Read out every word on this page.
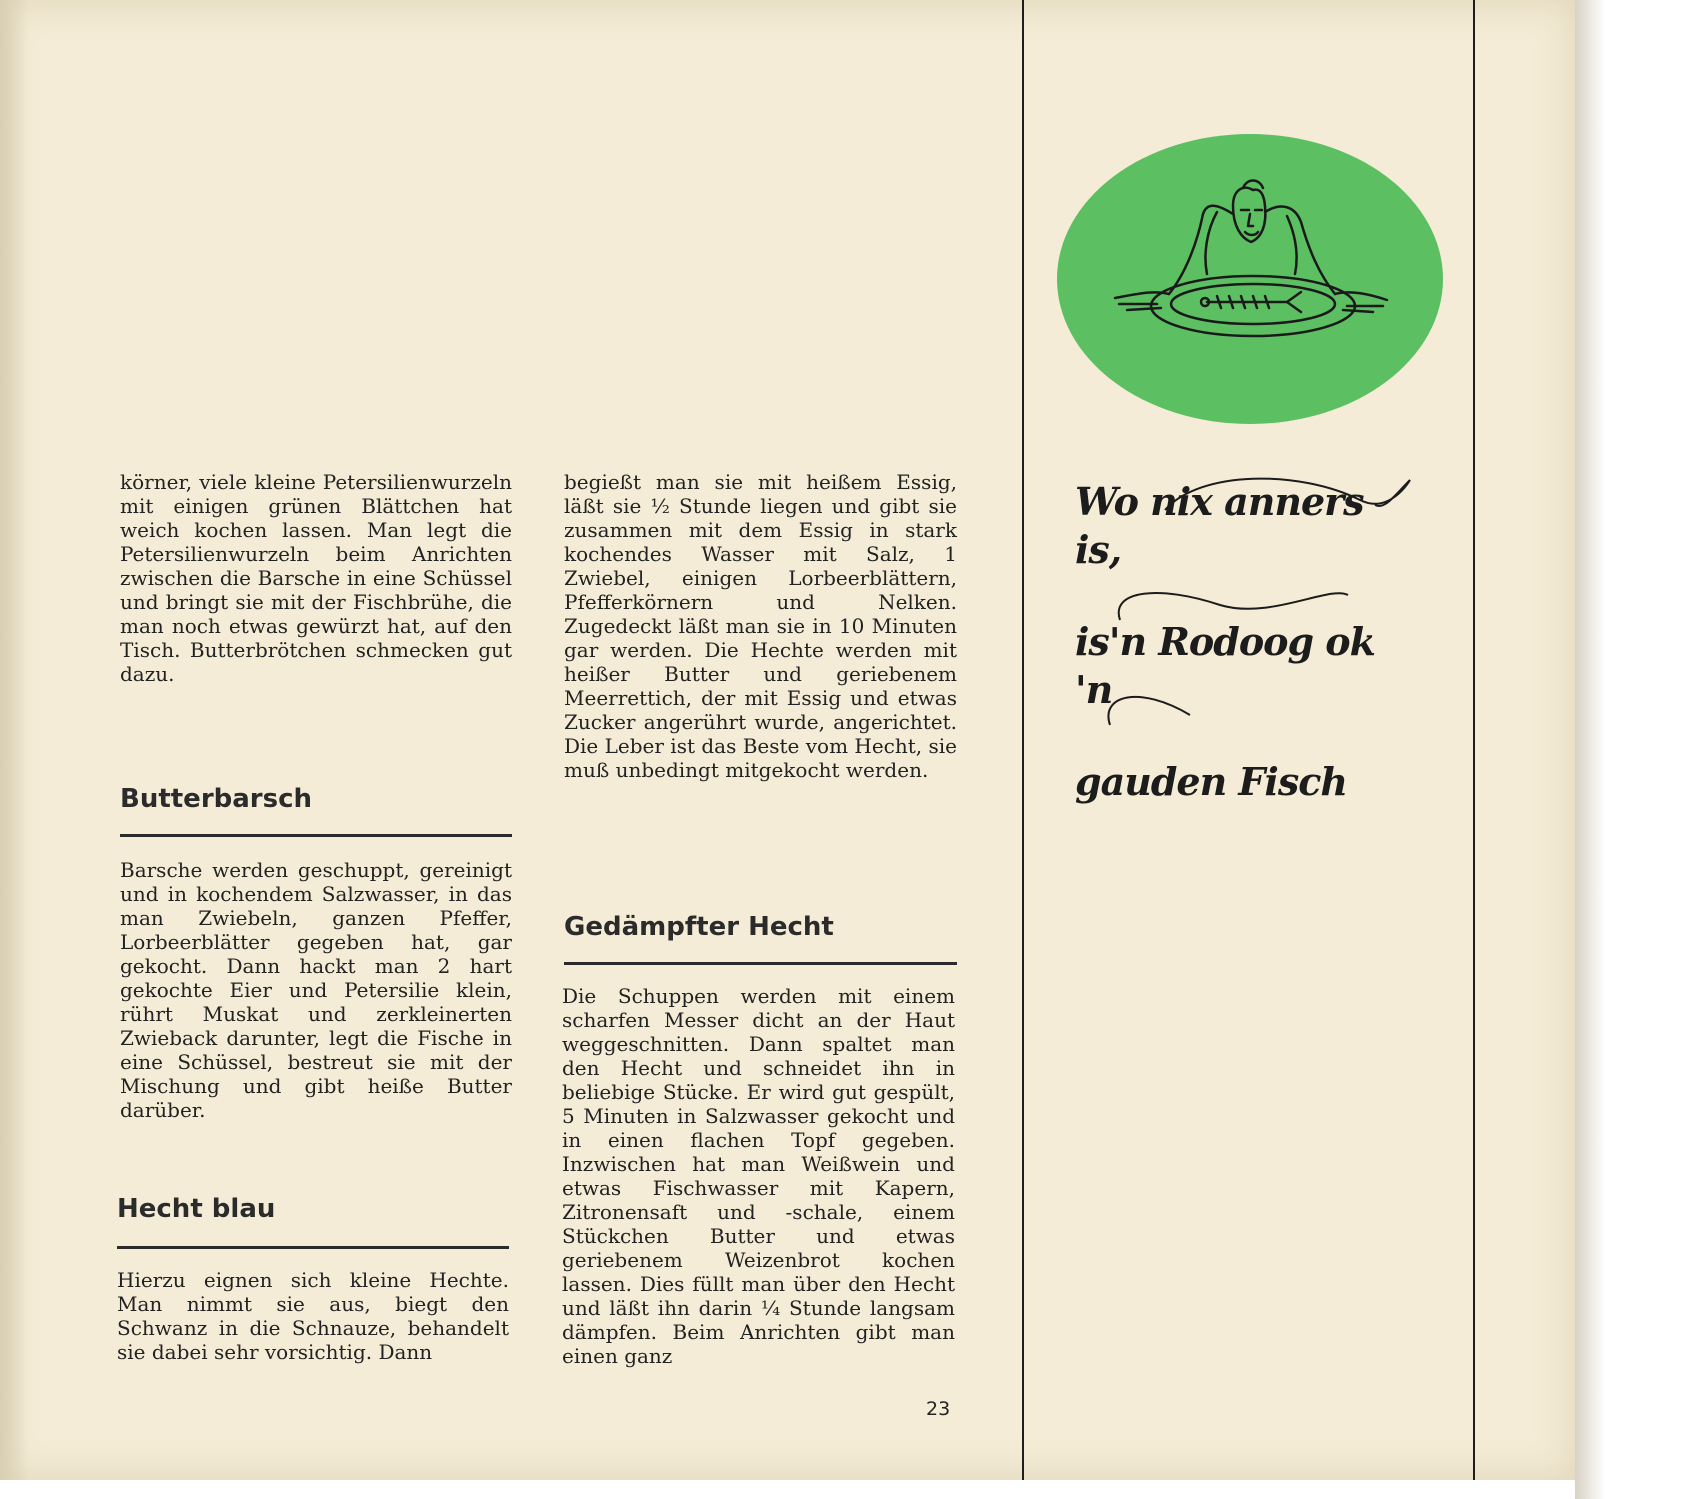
körner, viele kleine Petersilienwurzeln mit einigen grünen Blättchen hat weich kochen lassen. Man legt die Petersilienwurzeln beim Anrichten zwischen die Barsche in eine Schüssel und bringt sie mit der Fischbrühe, die man noch etwas gewürzt hat, auf den Tisch. Butterbrötchen schmecken gut dazu.

Butterbarsch

Barsche werden geschuppt, gereinigt und in kochendem Salzwasser, in das man Zwiebeln, ganzen Pfeffer, Lorbeerblätter gegeben hat, gar gekocht. Dann hackt man 2 hart gekochte Eier und Petersilie klein, rührt Muskat und zerkleinerten Zwieback darunter, legt die Fische in eine Schüssel, bestreut sie mit der Mischung und gibt heiße Butter darüber.

Hecht blau

Hierzu eignen sich kleine Hechte. Man nimmt sie aus, biegt den Schwanz in die Schnauze, behandelt sie dabei sehr vorsichtig. Dann

begießt man sie mit heißem Essig, läßt sie ½ Stunde liegen und gibt sie zusammen mit dem Essig in stark kochendes Wasser mit Salz, 1 Zwiebel, einigen Lorbeerblättern, Pfefferkörnern und Nelken. Zugedeckt läßt man sie in 10 Minuten gar werden. Die Hechte werden mit heißer Butter und geriebenem Meerrettich, der mit Essig und etwas Zucker angerührt wurde, angerichtet. Die Leber ist das Beste vom Hecht, sie muß unbedingt mitgekocht werden.

Gedämpfter Hecht

Die Schuppen werden mit einem scharfen Messer dicht an der Haut weggeschnitten. Dann spaltet man den Hecht und schneidet ihn in beliebige Stücke. Er wird gut gespült, 5 Minuten in Salzwasser gekocht und in einen flachen Topf gegeben. Inzwischen hat man Weißwein und etwas Fischwasser mit Kapern, Zitronensaft und -schale, einem Stückchen Butter und etwas geriebenem Weizenbrot kochen lassen. Dies füllt man über den Hecht und läßt ihn darin ¼ Stunde langsam dämpfen. Beim Anrichten gibt man einen ganz

23
Wo nix anners is,
is'n Rodoog ok 'n
gauden Fisch
